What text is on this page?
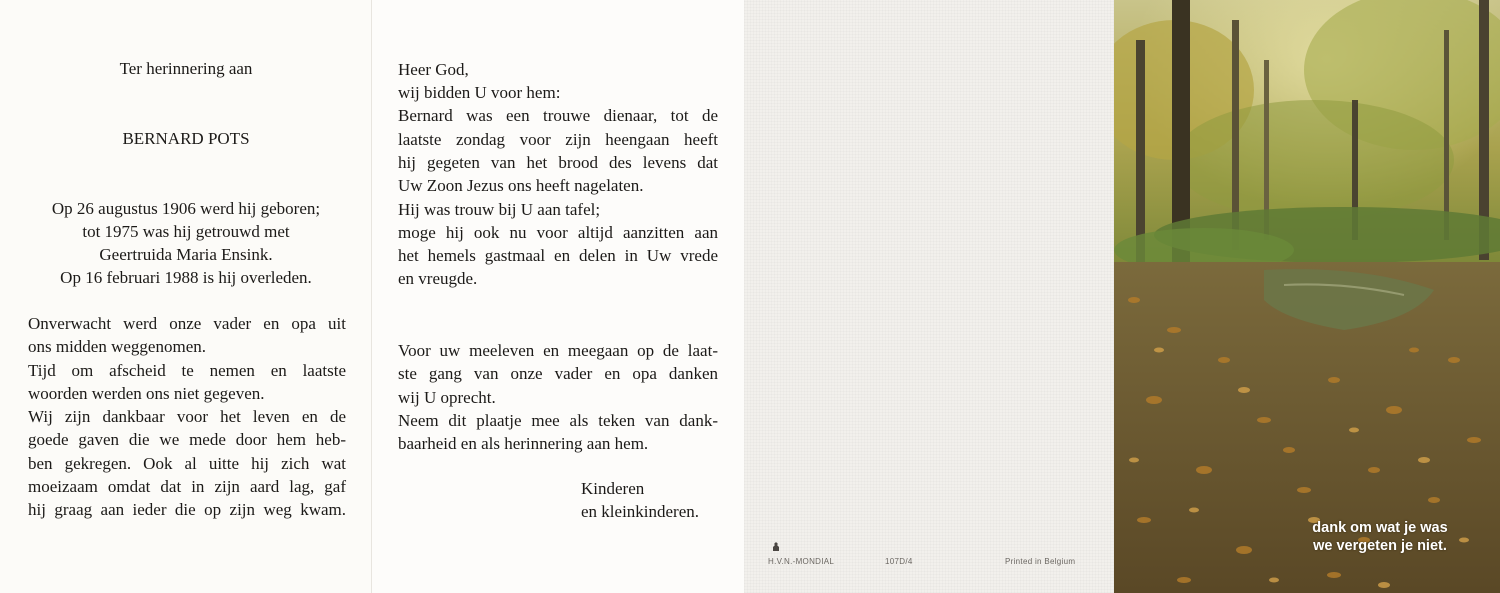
Ter herinnering aan
BERNARD POTS
Op 26 augustus 1906 werd hij geboren;
tot 1975 was hij getrouwd met
Geertruida Maria Ensink.
Op 16 februari 1988 is hij overleden.
Onverwacht werd onze vader en opa uit
ons midden weggenomen.
Tijd om afscheid te nemen en laatste
woorden werden ons niet gegeven.
Wij zijn dankbaar voor het leven en de
goede gaven die we mede door hem heb-
ben gekregen. Ook al uitte hij zich wat
moeizaam omdat dat in zijn aard lag, gaf
hij graag aan ieder die op zijn weg kwam.
Heer God,
wij bidden U voor hem:
Bernard was een trouwe dienaar, tot de
laatste zondag voor zijn heengaan heeft
hij gegeten van het brood des levens dat
Uw Zoon Jezus ons heeft nagelaten.
Hij was trouw bij U aan tafel;
moge hij ook nu voor altijd aanzitten aan
het hemels gastmaal en delen in Uw vrede
en vreugde.
Voor uw meeleven en meegaan op de laat-
ste gang van onze vader en opa danken
wij U oprecht.
Neem dit plaatje mee als teken van dank-
baarheid en als herinnering aan hem.
Kinderen
en kleinkinderen.
H.V.N.-MONDIAL	107D/4	Printed in Belgium
dank om wat je was
we vergeten je niet.
